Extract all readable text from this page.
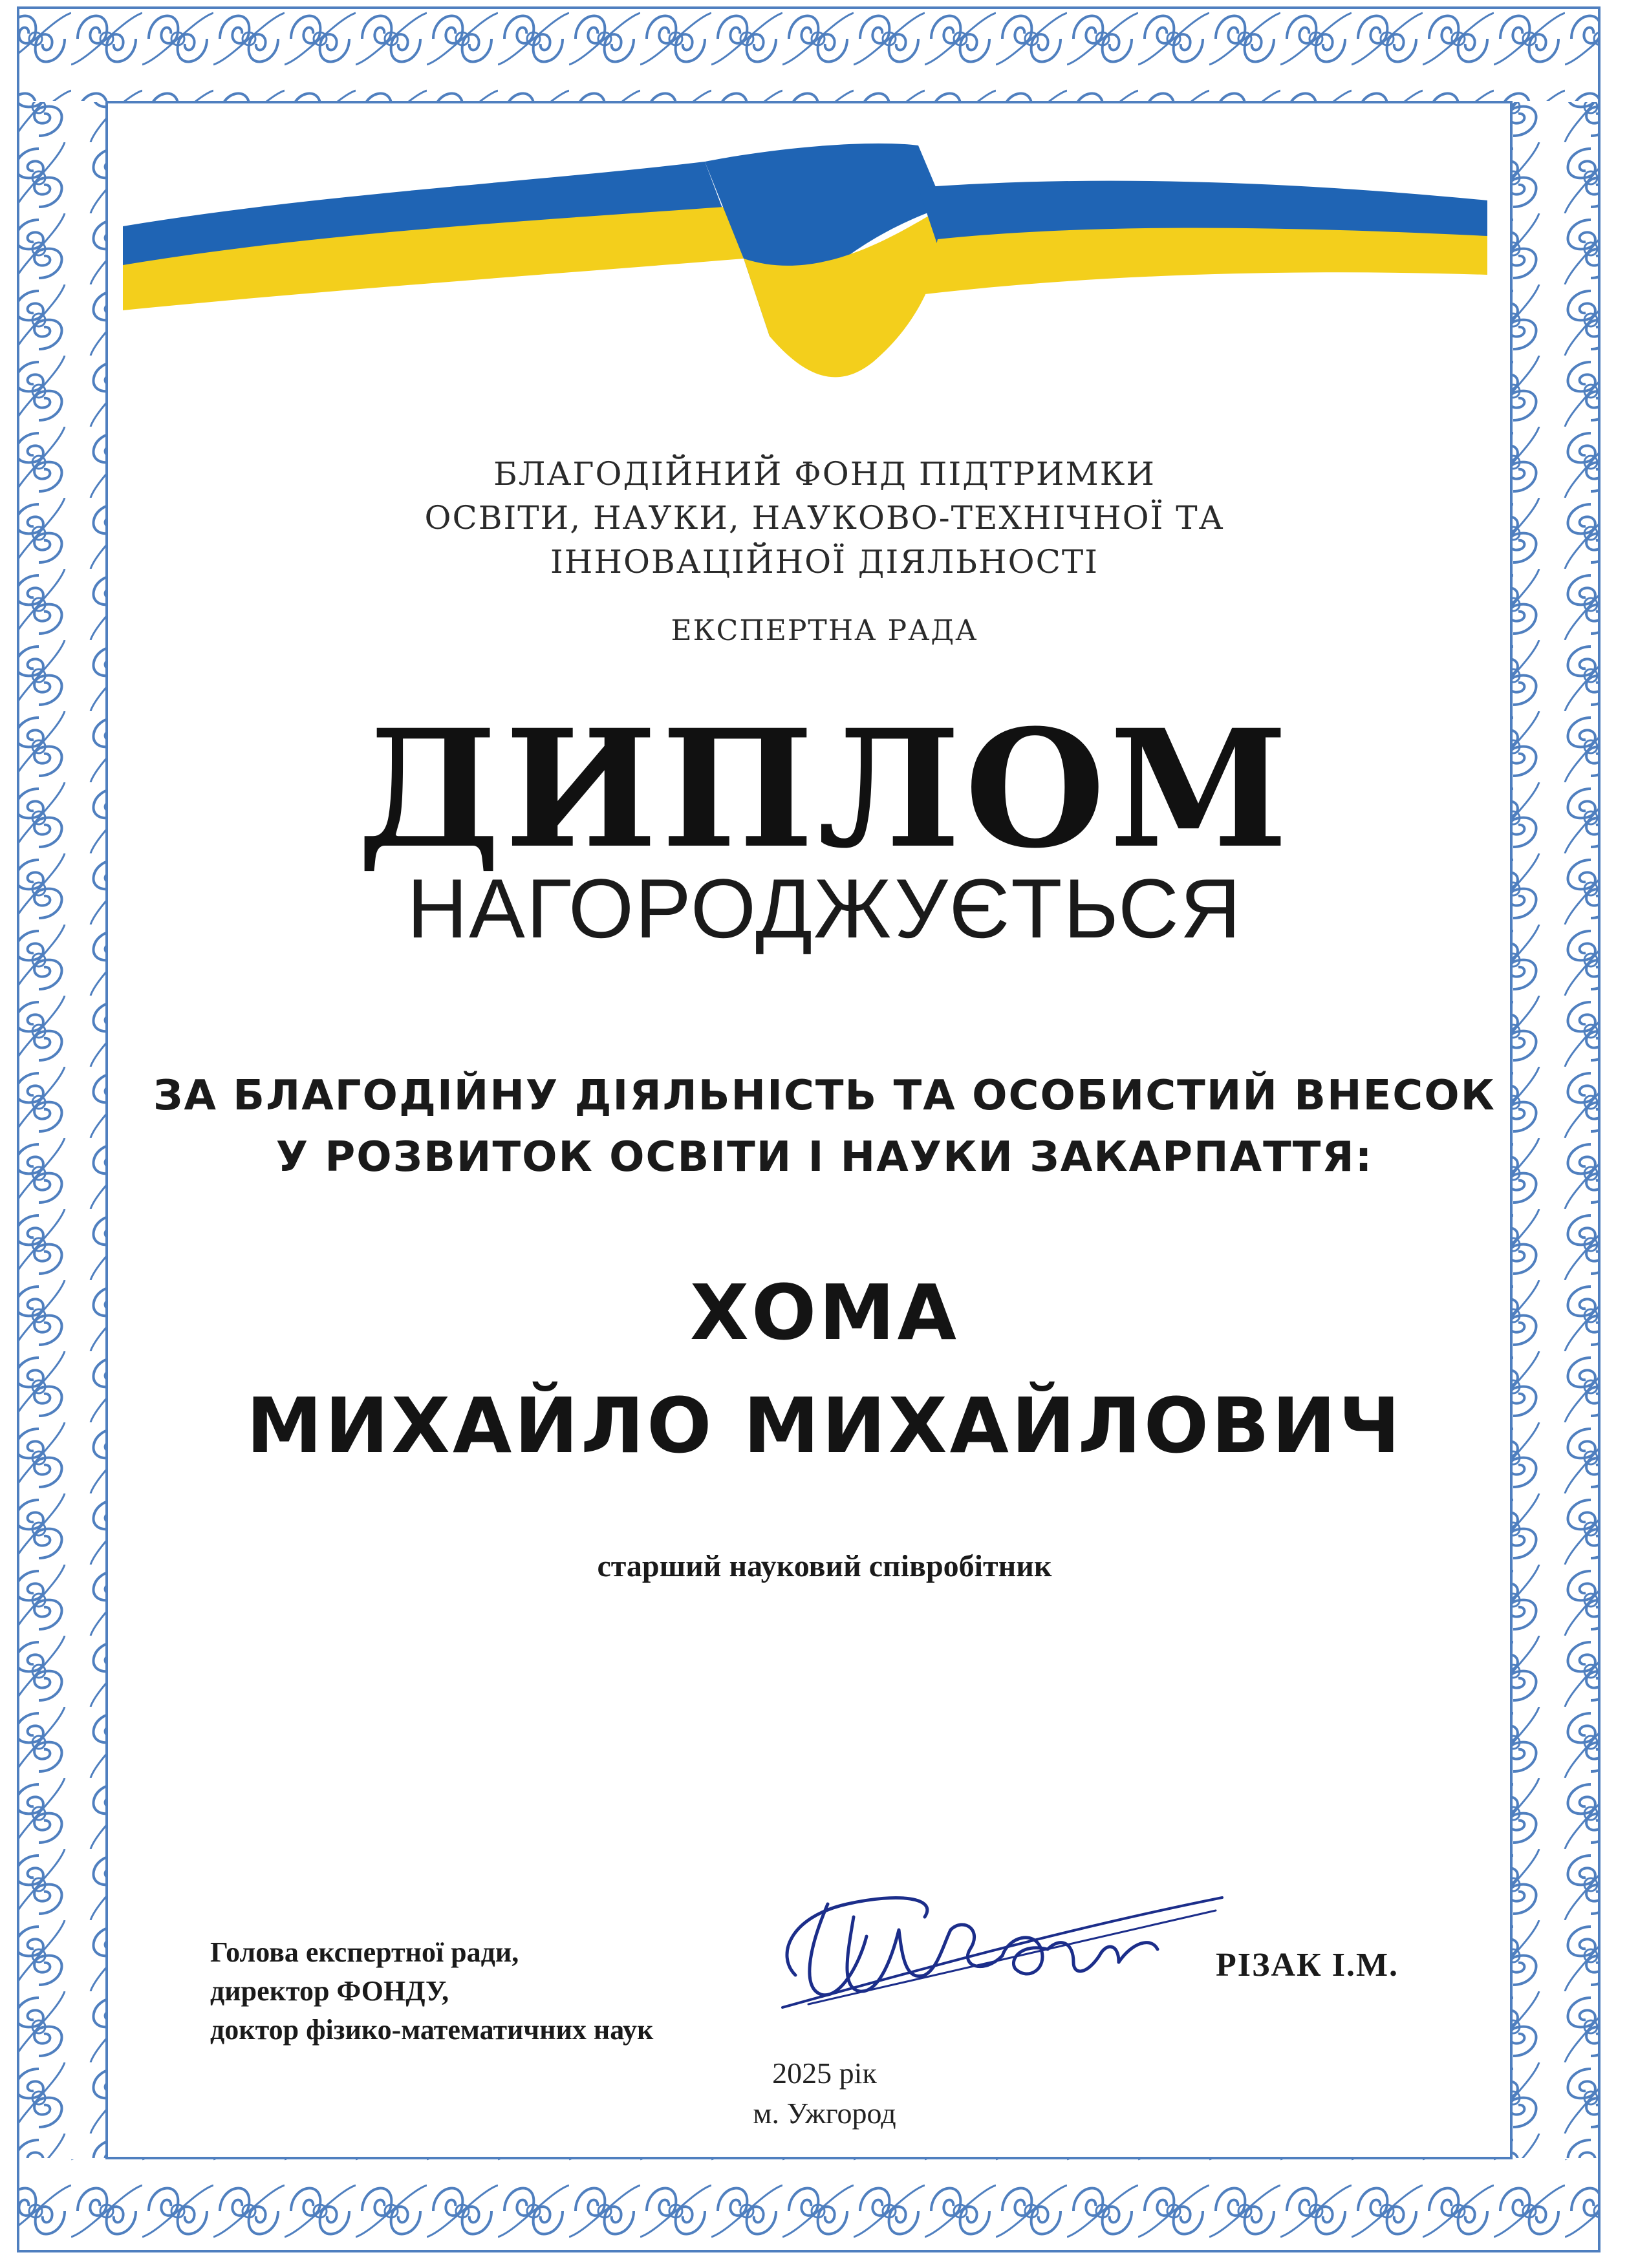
БЛАГОДІЙНИЙ ФОНД ПІДТРИМКИ

ОСВІТИ, НАУКИ, НАУКОВО-ТЕХНІЧНОЇ ТА

ІННОВАЦІЙНОЇ ДІЯЛЬНОСТІ

ЕКСПЕРТНА РАДА

ДИПЛОМ

НАГОРОДЖУЄТЬСЯ

ЗА БЛАГОДІЙНУ ДІЯЛЬНІСТЬ ТА ОСОБИСТИЙ ВНЕСОК

У РОЗВИТОК ОСВІТИ І НАУКИ ЗАКАРПАТТЯ:

ХОМА

МИХАЙЛО МИХАЙЛОВИЧ

старший науковий співробітник

Голова експертної ради,
директор ФОНДУ,
доктор фізико-математичних наук
РІЗАК І.М.

2025 рік

м. Ужгород
